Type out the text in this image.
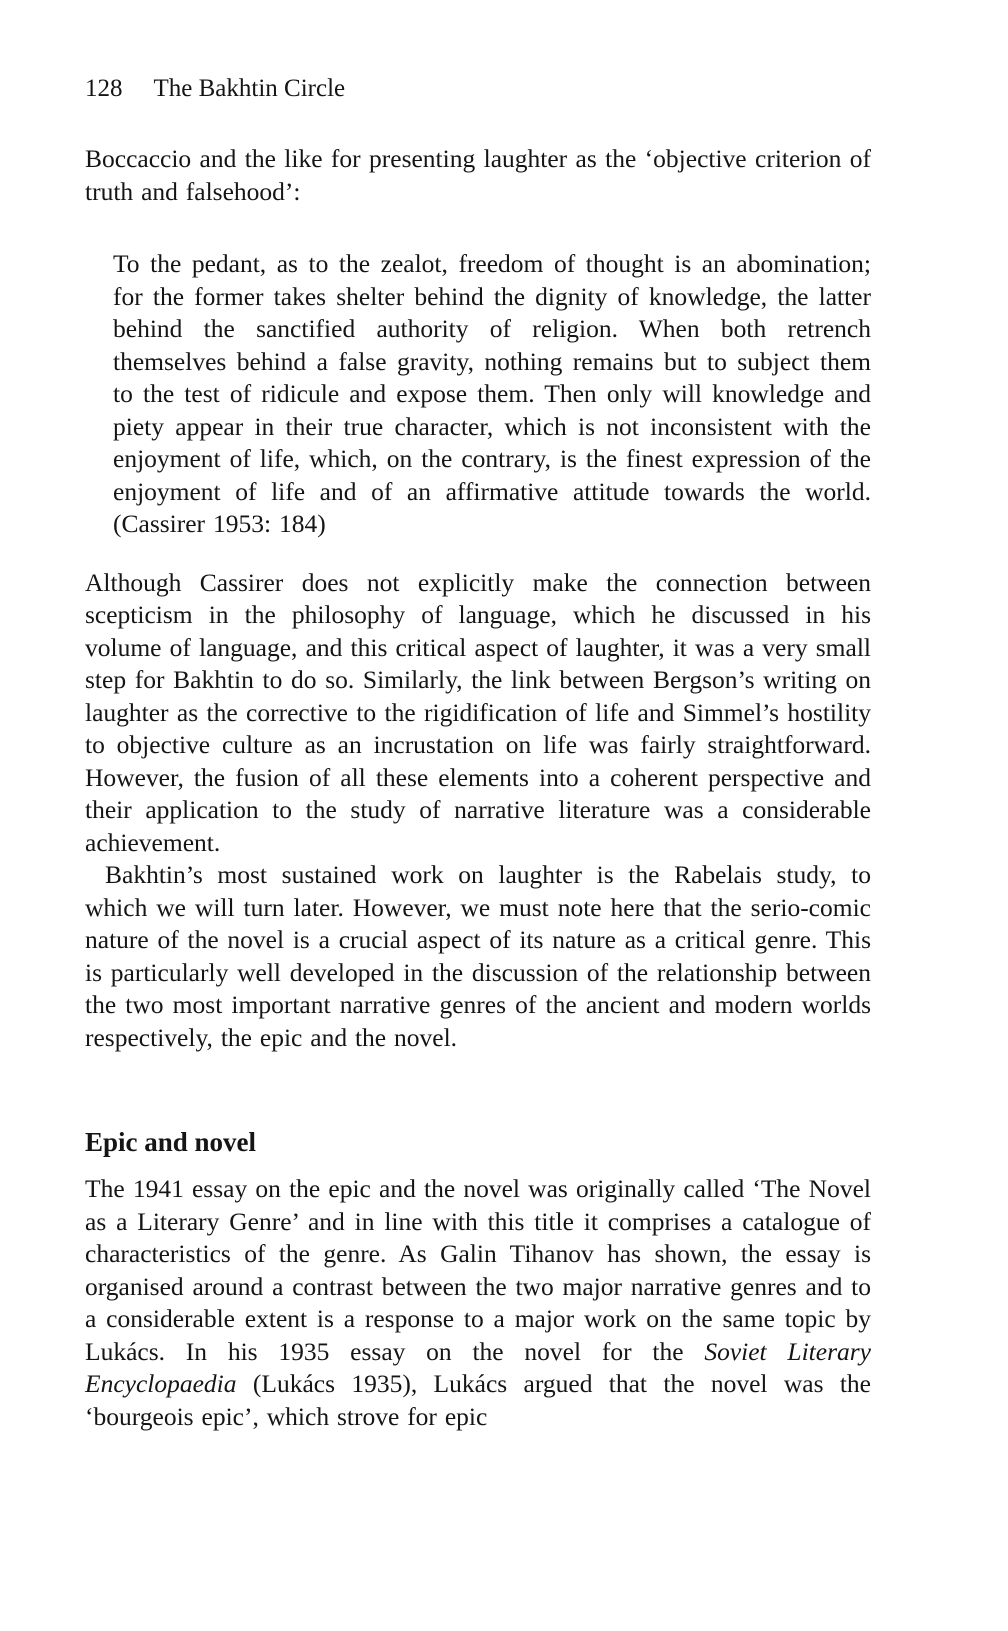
128 The Bakhtin Circle

Boccaccio and the like for presenting laughter as the ‘objective criterion of truth and falsehood’:

To the pedant, as to the zealot, freedom of thought is an abomination; for the former takes shelter behind the dignity of knowledge, the latter behind the sanctified authority of religion. When both retrench themselves behind a false gravity, nothing remains but to subject them to the test of ridicule and expose them. Then only will knowledge and piety appear in their true character, which is not inconsistent with the enjoyment of life, which, on the contrary, is the finest expression of the enjoyment of life and of an affirmative attitude towards the world. (Cassirer 1953: 184)

Although Cassirer does not explicitly make the connection between scepticism in the philosophy of language, which he discussed in his volume of language, and this critical aspect of laughter, it was a very small step for Bakhtin to do so. Similarly, the link between Bergson’s writing on laughter as the corrective to the rigidification of life and Simmel’s hostility to objective culture as an incrustation on life was fairly straightforward. However, the fusion of all these elements into a coherent perspective and their application to the study of narrative literature was a considerable achievement.

Bakhtin’s most sustained work on laughter is the Rabelais study, to which we will turn later. However, we must note here that the serio-comic nature of the novel is a crucial aspect of its nature as a critical genre. This is particularly well developed in the discussion of the relationship between the two most important narrative genres of the ancient and modern worlds respectively, the epic and the novel.

Epic and novel

The 1941 essay on the epic and the novel was originally called ‘The Novel as a Literary Genre’ and in line with this title it comprises a catalogue of characteristics of the genre. As Galin Tihanov has shown, the essay is organised around a contrast between the two major narrative genres and to a considerable extent is a response to a major work on the same topic by Lukács. In his 1935 essay on the novel for the Soviet Literary Encyclopaedia (Lukács 1935), Lukács argued that the novel was the ‘bourgeois epic’, which strove for epic
